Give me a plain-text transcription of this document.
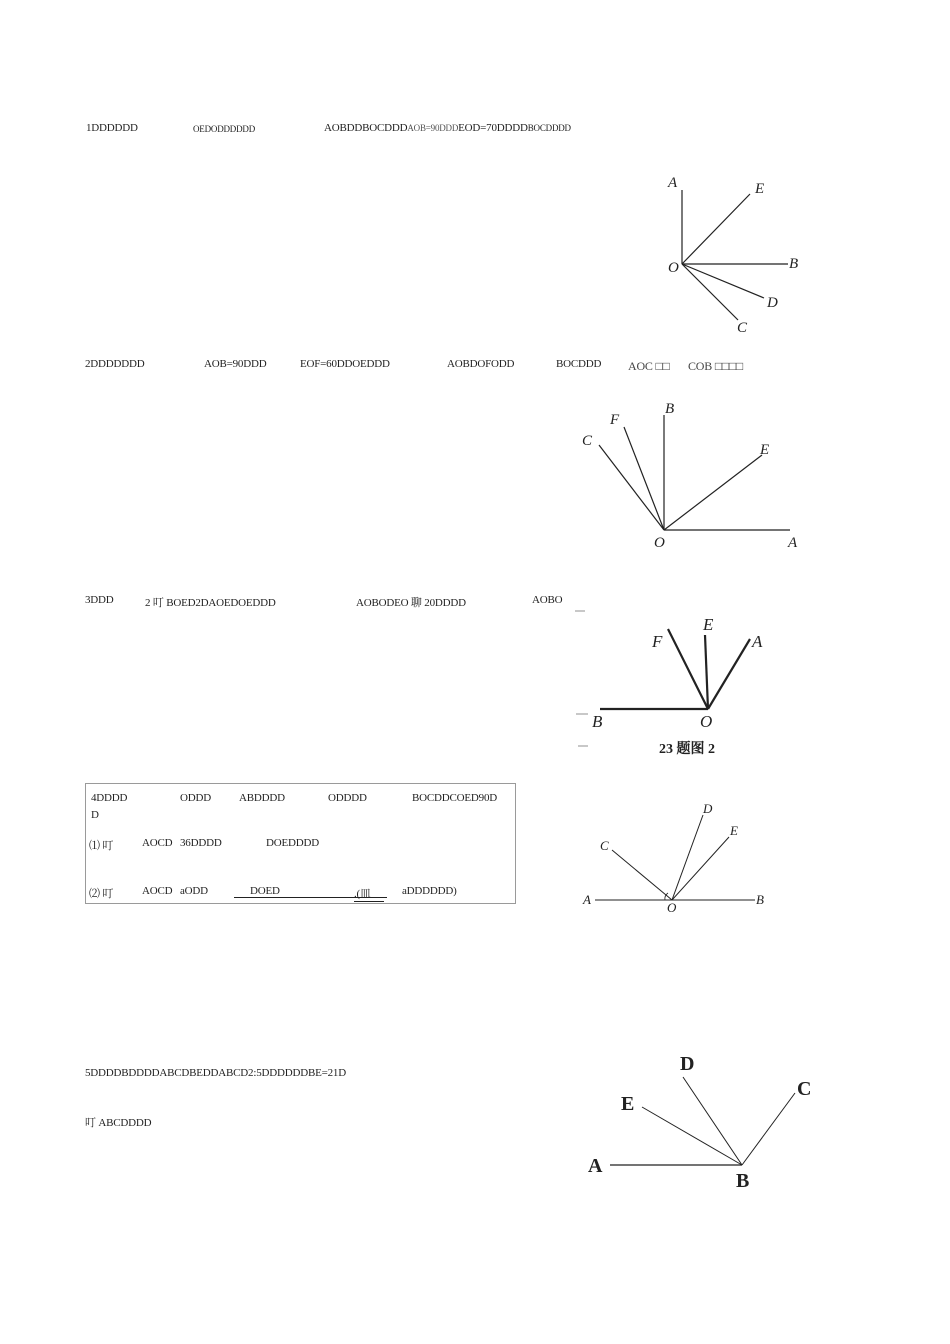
1DDDDDD	OEDODDDDDD	AOBDDBOCDDDAOB=90DDDEOD=70DDDDBOCDDDD
A	E
O	B
D
C
2DDDDDDD	AOB=90DDD	EOF=60DDOEDDD	AOBDOFODD	BOCDDD AOC □□ COB □□□□
C
F
B
E
O	A
3DDD	2 叮 BOED2DAOEDOEDDD	AOBODEO 聊 20DDDD	AOBO
F
E
A
B	O
23 题图 2
4DDDD
D
ODDD	ABDDDD	ODDDD	BOCDDCOED90D
⑴ 叮	AOCD 36DDDD	DOEDDDD
⑵ 叮	AOCD aODD	DOED	.(皿	aDDDDDD)
D
C
E
A
O
B
5DDDDBDDDDABCDBEDDABCD2:5DDDDDDBE=21D
叮 ABCDDDD
D
E
C
A
B
